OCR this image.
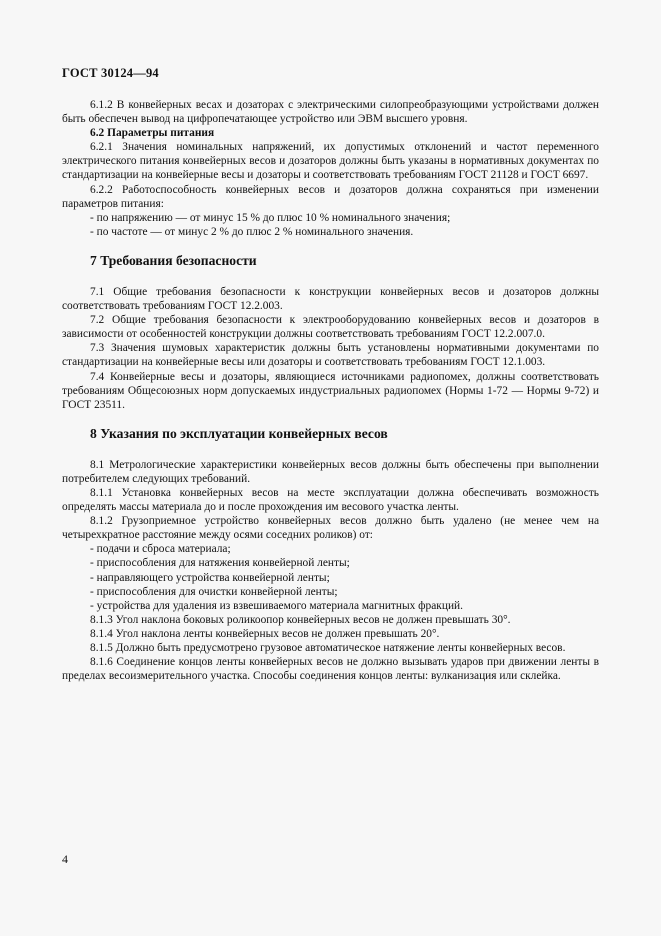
ГОСТ 30124—94

6.1.2 В конвейерных весах и дозаторах с электрическими силопреобразующими устройствами должен быть обеспечен вывод на цифропечатающее устройство или ЭВМ высшего уровня.

6.2 Параметры питания

6.2.1 Значения номинальных напряжений, их допустимых отклонений и частот переменного электрического питания конвейерных весов и дозаторов должны быть указаны в нормативных документах по стандартизации на конвейерные весы и дозаторы и соответствовать требованиям ГОСТ 21128 и ГОСТ 6697.

6.2.2 Работоспособность конвейерных весов и дозаторов должна сохраняться при изменении параметров питания:

- по напряжению — от минус 15 % до плюс 10 % номинального значения;

- по частоте — от минус 2 % до плюс 2 % номинального значения.

7 Требования безопасности

7.1 Общие требования безопасности к конструкции конвейерных весов и дозаторов должны соответствовать требованиям ГОСТ 12.2.003.

7.2 Общие требования безопасности к электрооборудованию конвейерных весов и дозаторов в зависимости от особенностей конструкции должны соответствовать требованиям ГОСТ 12.2.007.0.

7.3 Значения шумовых характеристик должны быть установлены нормативными документами по стандартизации на конвейерные весы или дозаторы и соответствовать требованиям ГОСТ 12.1.003.

7.4 Конвейерные весы и дозаторы, являющиеся источниками радиопомех, должны соответствовать требованиям Общесоюзных норм допускаемых индустриальных радиопомех (Нормы 1-72 — Нормы 9-72) и ГОСТ 23511.

8 Указания по эксплуатации конвейерных весов

8.1 Метрологические характеристики конвейерных весов должны быть обеспечены при выполнении потребителем следующих требований.

8.1.1 Установка конвейерных весов на месте эксплуатации должна обеспечивать возможность определять массы материала до и после прохождения им весового участка ленты.

8.1.2 Грузоприемное устройство конвейерных весов должно быть удалено (не менее чем на четырехкратное расстояние между осями соседних роликов) от:

- подачи и сброса материала;

- приспособления для натяжения конвейерной ленты;

- направляющего устройства конвейерной ленты;

- приспособления для очистки конвейерной ленты;

- устройства для удаления из взвешиваемого материала магнитных фракций.

8.1.3 Угол наклона боковых роликоопор конвейерных весов не должен превышать 30°.

8.1.4 Угол наклона ленты конвейерных весов не должен превышать 20°.

8.1.5 Должно быть предусмотрено грузовое автоматическое натяжение ленты конвейерных весов.

8.1.6 Соединение концов ленты конвейерных весов не должно вызывать ударов при движении ленты в пределах весоизмерительного участка. Способы соединения концов ленты: вулканизация или склейка.

4
